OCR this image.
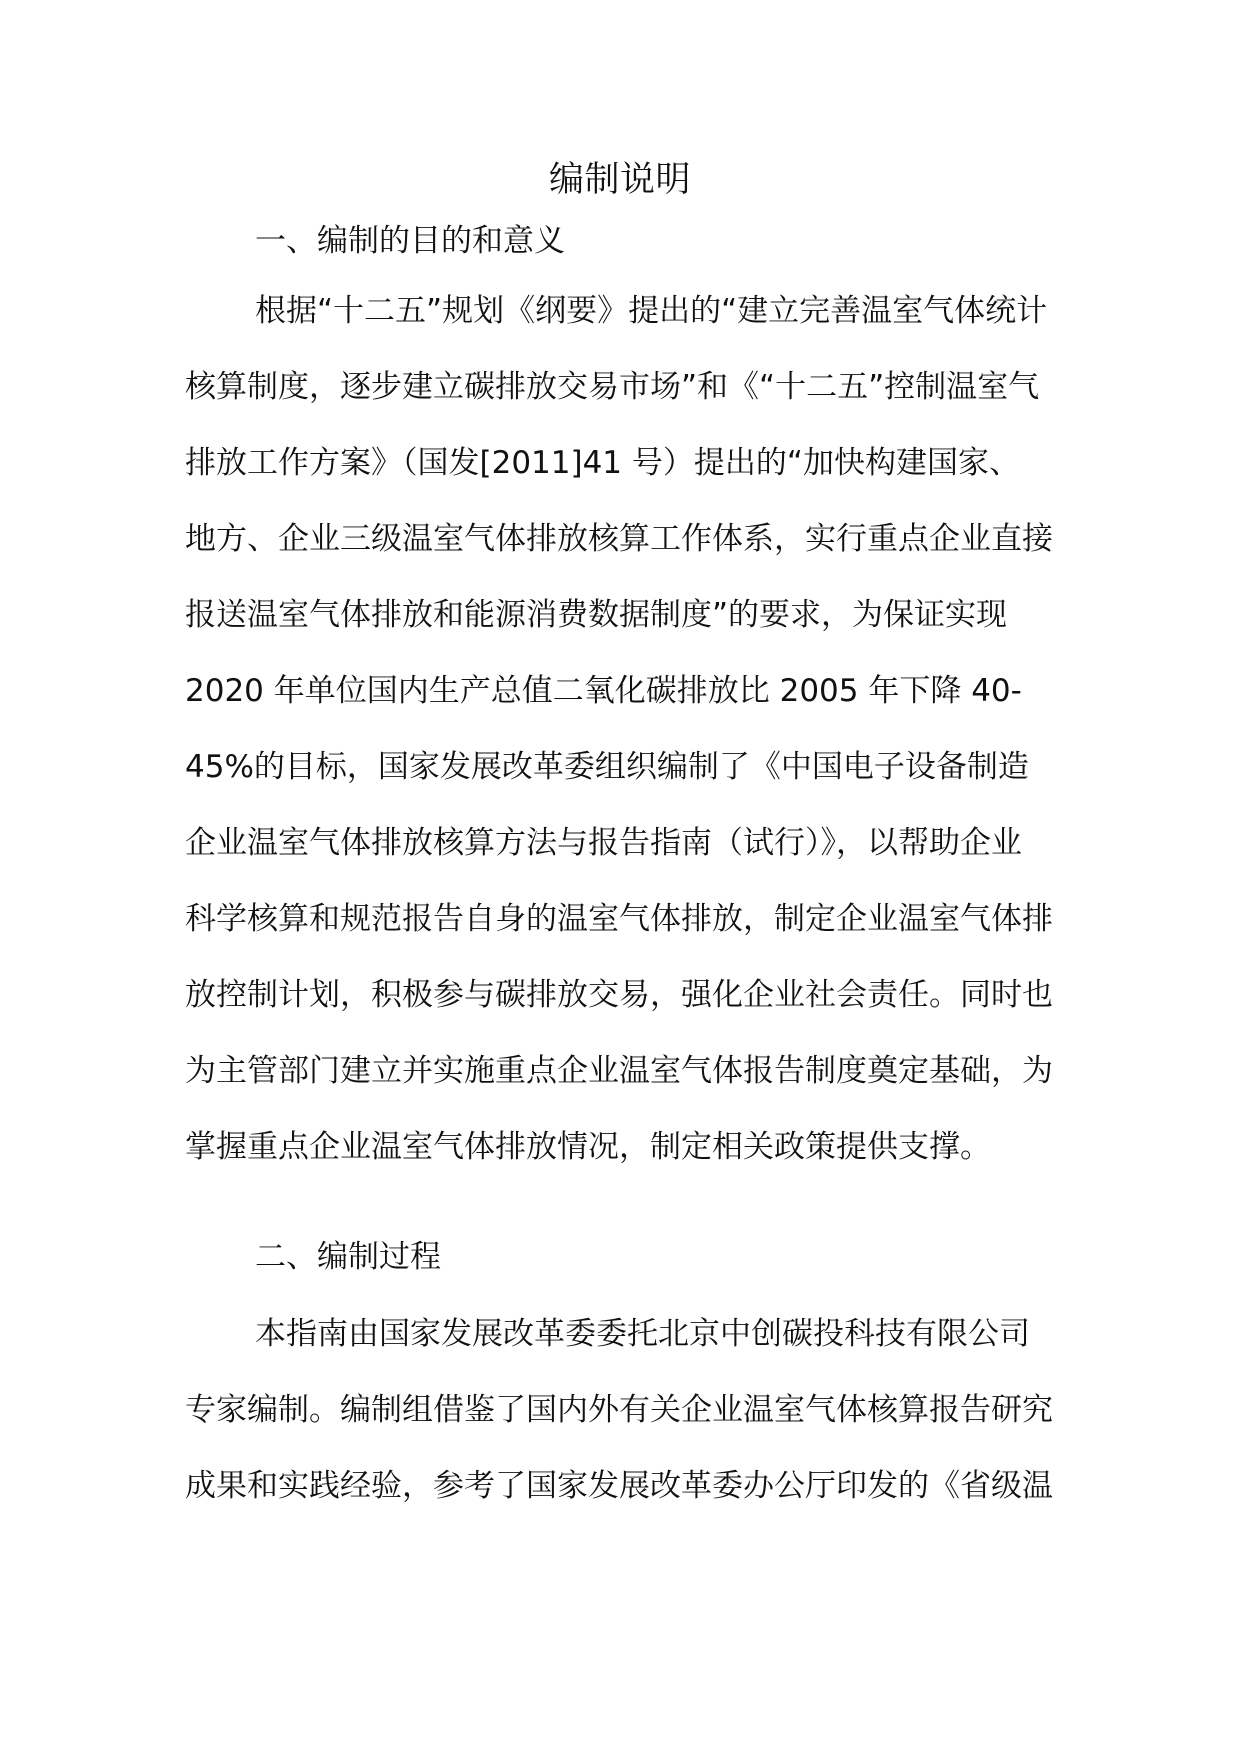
编制说明
一、编制的目的和意义
根据“十二五”规划《纲要》提出的“建立完善温室气体统计
核算制度，逐步建立碳排放交易市场”和《“十二五”控制温室气
排放工作方案》（国发[2011]41 号）提出的“加快构建国家、
地方、企业三级温室气体排放核算工作体系，实行重点企业直接
报送温室气体排放和能源消费数据制度”的要求，为保证实现
2020 年单位国内生产总值二氧化碳排放比 2005 年下降 40-
45%的目标，国家发展改革委组织编制了《中国电子设备制造
企业温室气体排放核算方法与报告指南（试行）》，以帮助企业
科学核算和规范报告自身的温室气体排放，制定企业温室气体排
放控制计划，积极参与碳排放交易，强化企业社会责任。同时也
为主管部门建立并实施重点企业温室气体报告制度奠定基础，为
掌握重点企业温室气体排放情况，制定相关政策提供支撑。
二、编制过程
本指南由国家发展改革委委托北京中创碳投科技有限公司
专家编制。编制组借鉴了国内外有关企业温室气体核算报告研究
成果和实践经验，参考了国家发展改革委办公厅印发的《省级温
